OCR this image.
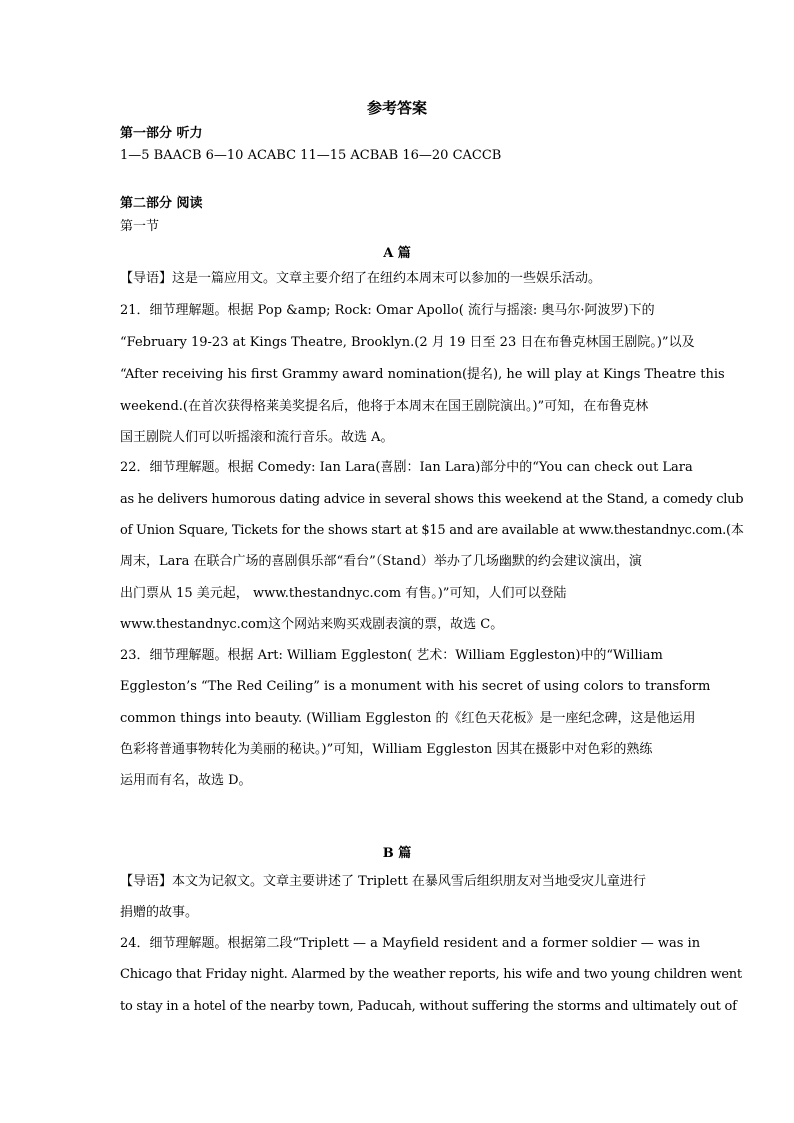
参考答案
第一部分 听力
1—5 BAACB 6—10 ACABC 11—15 ACBAB 16—20 CACCB
第二部分 阅读
第一节
A 篇
【导语】这是一篇应用文。文章主要介绍了在纽约本周末可以参加的一些娱乐活动。
21．细节理解题。根据 Pop &amp; Rock: Omar Apollo( 流行与摇滚: 奥马尔·阿波罗)下的
“February 19-23 at Kings Theatre, Brooklyn.(2 月 19 日至 23 日在布鲁克林国王剧院。)”以及
“After receiving his first Grammy award nomination(提名), he will play at Kings Theatre this
weekend.(在首次获得格莱美奖提名后，他将于本周末在国王剧院演出。)”可知，在布鲁克林
国王剧院人们可以听摇滚和流行音乐。故选 A。
22．细节理解题。根据 Comedy: Ian Lara(喜剧：Ian Lara)部分中的“You can check out Lara
as he delivers humorous dating advice in several shows this weekend at the Stand, a comedy club
of Union Square, Tickets for the shows start at $15 and are available at www.thestandnyc.com.(本
周末，Lara 在联合广场的喜剧俱乐部“看台”（Stand）举办了几场幽默的约会建议演出，演
出门票从 15 美元起， www.thestandnyc.com 有售。)”可知，人们可以登陆
www.thestandnyc.com这个网站来购买戏剧表演的票，故选 C。
23．细节理解题。根据 Art: William Eggleston( 艺术：William Eggleston)中的“William
Eggleston’s “The Red Ceiling” is a monument with his secret of using colors to transform
common things into beauty. (William Eggleston 的《红色天花板》是一座纪念碑，这是他运用
色彩将普通事物转化为美丽的秘诀。)”可知，William Eggleston 因其在摄影中对色彩的熟练
运用而有名，故选 D。
B 篇
【导语】本文为记叙文。文章主要讲述了 Triplett 在暴风雪后组织朋友对当地受灾儿童进行
捐赠的故事。
24．细节理解题。根据第二段“Triplett — a Mayfield resident and a former soldier — was in
Chicago that Friday night. Alarmed by the weather reports, his wife and two young children went
to stay in a hotel of the nearby town, Paducah, without suffering the storms and ultimately out of
